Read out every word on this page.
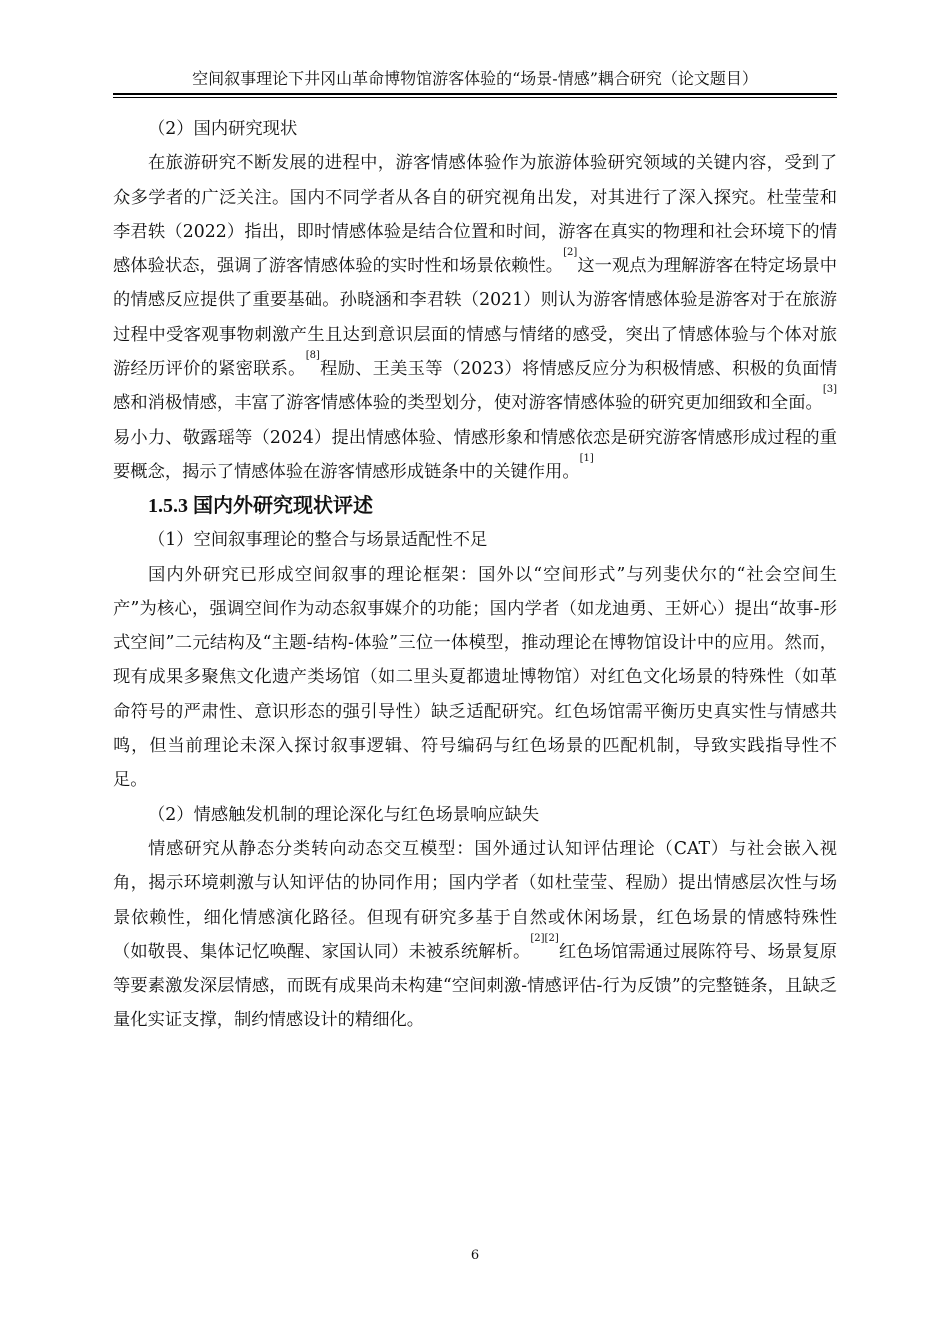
空间叙事理论下井冈山革命博物馆游客体验的“场景-情感”耦合研究（论文题目）

（2）国内研究现状

在旅游研究不断发展的进程中，游客情感体验作为旅游体验研究领域的关键内容，受到了众多学者的广泛关注。国内不同学者从各自的研究视角出发，对其进行了深入探究。杜莹莹和李君轶（2022）指出，即时情感体验是结合位置和时间，游客在真实的物理和社会环境下的情感体验状态，强调了游客情感体验的实时性和场景依赖性。[2]这一观点为理解游客在特定场景中的情感反应提供了重要基础。孙晓涵和李君轶（2021）则认为游客情感体验是游客对于在旅游过程中受客观事物刺激产生且达到意识层面的情感与情绪的感受，突出了情感体验与个体对旅游经历评价的紧密联系。[8]程励、王美玉等（2023）将情感反应分为积极情感、积极的负面情感和消极情感，丰富了游客情感体验的类型划分，使对游客情感体验的研究更加细致和全面。[3]易小力、敬露瑶等（2024）提出情感体验、情感形象和情感依恋是研究游客情感形成过程的重要概念，揭示了情感体验在游客情感形成链条中的关键作用。[1]

1.5.3 国内外研究现状评述

（1）空间叙事理论的整合与场景适配性不足

国内外研究已形成空间叙事的理论框架：国外以“空间形式”与列斐伏尔的“社会空间生产”为核心，强调空间作为动态叙事媒介的功能；国内学者（如龙迪勇、王妍心）提出“故事-形式空间”二元结构及“主题-结构-体验”三位一体模型，推动理论在博物馆设计中的应用。然而，现有成果多聚焦文化遗产类场馆（如二里头夏都遗址博物馆）对红色文化场景的特殊性（如革命符号的严肃性、意识形态的强引导性）缺乏适配研究。红色场馆需平衡历史真实性与情感共鸣，但当前理论未深入探讨叙事逻辑、符号编码与红色场景的匹配机制，导致实践指导性不足。

（2）情感触发机制的理论深化与红色场景响应缺失

情感研究从静态分类转向动态交互模型：国外通过认知评估理论（CAT）与社会嵌入视角，揭示环境刺激与认知评估的协同作用；国内学者（如杜莹莹、程励）提出情感层次性与场景依赖性，细化情感演化路径。但现有研究多基于自然或休闲场景，红色场景的情感特殊性（如敬畏、集体记忆唤醒、家国认同）未被系统解析。[2][2]红色场馆需通过展陈符号、场景复原等要素激发深层情感，而既有成果尚未构建“空间刺激-情感评估-行为反馈”的完整链条，且缺乏量化实证支撑，制约情感设计的精细化。

6
